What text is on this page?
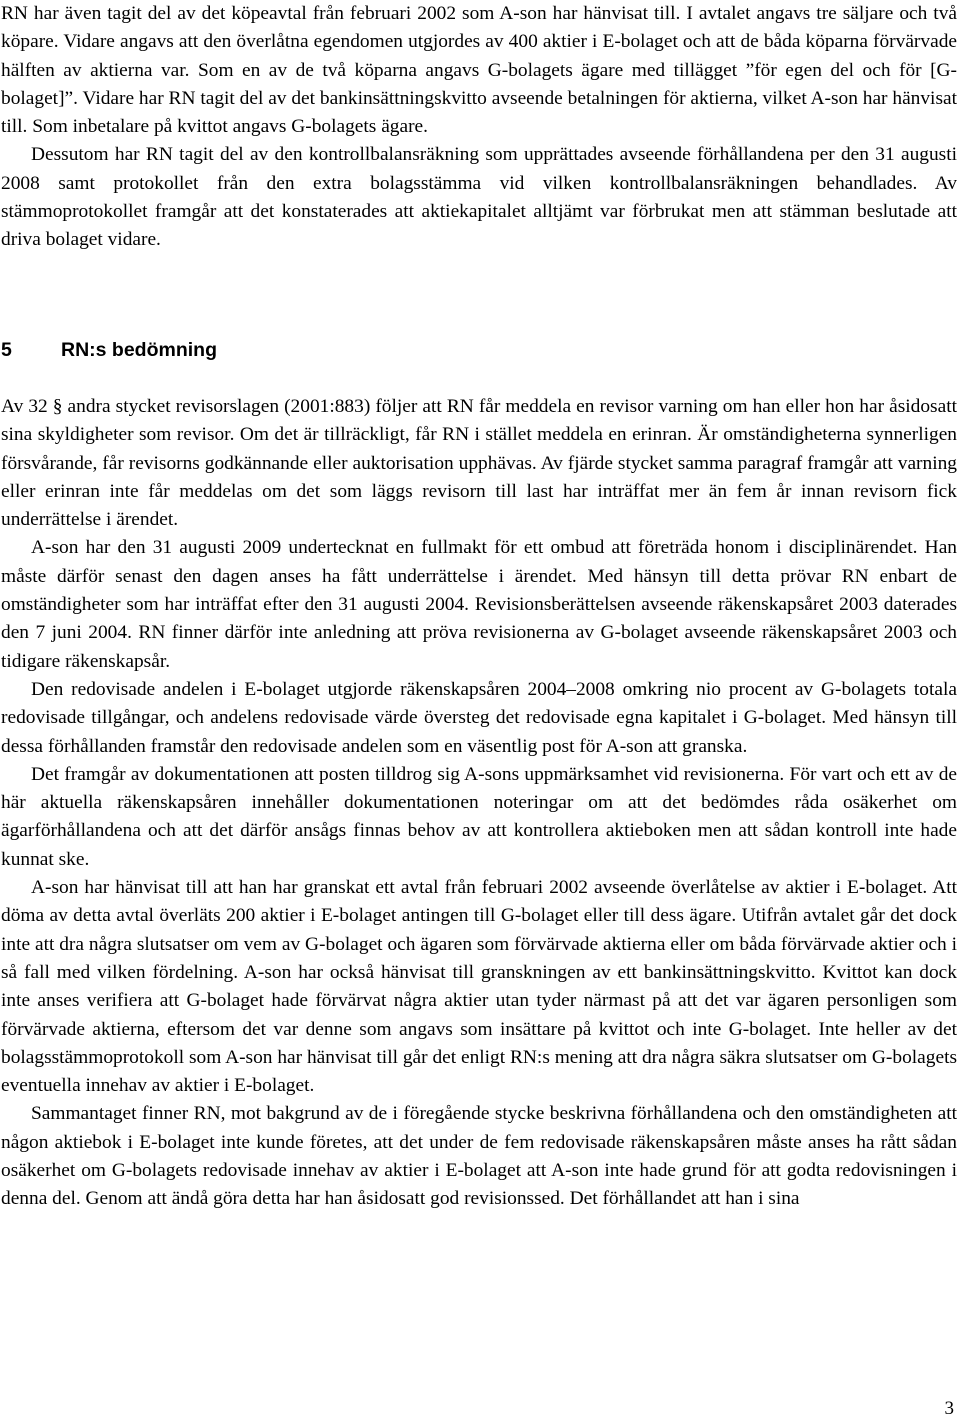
RN har även tagit del av det köpeavtal från februari 2002 som A-son har hänvisat till. I avtalet angavs tre säljare och två köpare. Vidare angavs att den överlåtna egendomen utgjordes av 400 aktier i E-bolaget och att de båda köparna förvärvade hälften av aktierna var. Som en av de två köparna angavs G-bolagets ägare med tillägget ”för egen del och för [G-bolaget]”. Vidare har RN tagit del av det bankinsättningskvitto avseende betalningen för aktierna, vilket A-son har hänvisat till. Som inbetalare på kvittot angavs G-bolagets ägare.

Dessutom har RN tagit del av den kontrollbalansräkning som upprättades avseende förhållandena per den 31 augusti 2008 samt protokollet från den extra bolagsstämma vid vilken kontrollbalansräkningen behandlades. Av stämmoprotokollet framgår att det konstaterades att aktiekapitalet alltjämt var förbrukat men att stämman beslutade att driva bolaget vidare.

5	RN:s bedömning

Av 32 § andra stycket revisorslagen (2001:883) följer att RN får meddela en revisor varning om han eller hon har åsidosatt sina skyldigheter som revisor. Om det är tillräckligt, får RN i stället meddela en erinran. Är omständigheterna synnerligen försvårande, får revisorns godkännande eller auktorisation upphävas. Av fjärde stycket samma paragraf framgår att varning eller erinran inte får meddelas om det som läggs revisorn till last har inträffat mer än fem år innan revisorn fick underrättelse i ärendet.

A-son har den 31 augusti 2009 undertecknat en fullmakt för ett ombud att företräda honom i disciplinärendet. Han måste därför senast den dagen anses ha fått underrättelse i ärendet. Med hänsyn till detta prövar RN enbart de omständigheter som har inträffat efter den 31 augusti 2004. Revisionsberättelsen avseende räkenskapsåret 2003 daterades den 7 juni 2004. RN finner därför inte anledning att pröva revisionerna av G-bolaget avseende räkenskapsåret 2003 och tidigare räkenskapsår.

Den redovisade andelen i E-bolaget utgjorde räkenskapsåren 2004–2008 omkring nio procent av G-bolagets totala redovisade tillgångar, och andelens redovisade värde översteg det redovisade egna kapitalet i G-bolaget. Med hänsyn till dessa förhållanden framstår den redovisade andelen som en väsentlig post för A-son att granska.

Det framgår av dokumentationen att posten tilldrog sig A-sons uppmärksamhet vid revisionerna. För vart och ett av de här aktuella räkenskapsåren innehåller dokumentationen noteringar om att det bedömdes råda osäkerhet om ägarförhållandena och att det därför ansågs finnas behov av att kontrollera aktieboken men att sådan kontroll inte hade kunnat ske.

A-son har hänvisat till att han har granskat ett avtal från februari 2002 avseende överlåtelse av aktier i E-bolaget. Att döma av detta avtal överläts 200 aktier i E-bolaget antingen till G-bolaget eller till dess ägare. Utifrån avtalet går det dock inte att dra några slutsatser om vem av G-bolaget och ägaren som förvärvade aktierna eller om båda förvärvade aktier och i så fall med vilken fördelning. A-son har också hänvisat till granskningen av ett bankinsättningskvitto. Kvittot kan dock inte anses verifiera att G-bolaget hade förvärvat några aktier utan tyder närmast på att det var ägaren personligen som förvärvade aktierna, eftersom det var denne som angavs som insättare på kvittot och inte G-bolaget. Inte heller av det bolagsstämmoprotokoll som A-son har hänvisat till går det enligt RN:s mening att dra några säkra slutsatser om G-bolagets eventuella innehav av aktier i E-bolaget.

Sammantaget finner RN, mot bakgrund av de i föregående stycke beskrivna förhållandena och den omständigheten att någon aktiebok i E-bolaget inte kunde företes, att det under de fem redovisade räkenskapsåren måste anses ha rått sådan osäkerhet om G-bolagets redovisade innehav av aktier i E-bolaget att A-son inte hade grund för att godta redovisningen i denna del. Genom att ändå göra detta har han åsidosatt god revisionssed. Det förhållandet att han i sina

3
